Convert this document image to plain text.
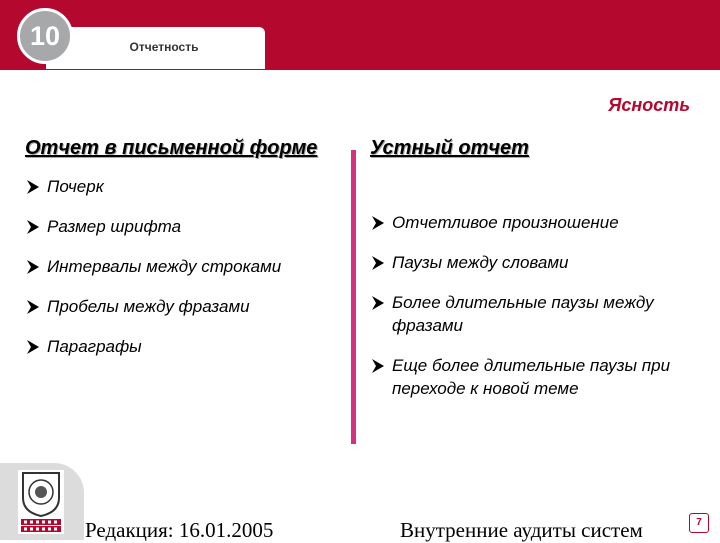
Отчетность
10
Ясность
Отчет в письменной форме
Почерк
Размер шрифта
Интервалы между строками
Пробелы между фразами
Параграфы
Устный отчет
Отчетливое произношение
Паузы между словами
Более длительные паузы между фразами
Еще более длительные паузы при переходе к новой теме
Редакция: 16.01.2005	Внутренние аудиты систем	7
